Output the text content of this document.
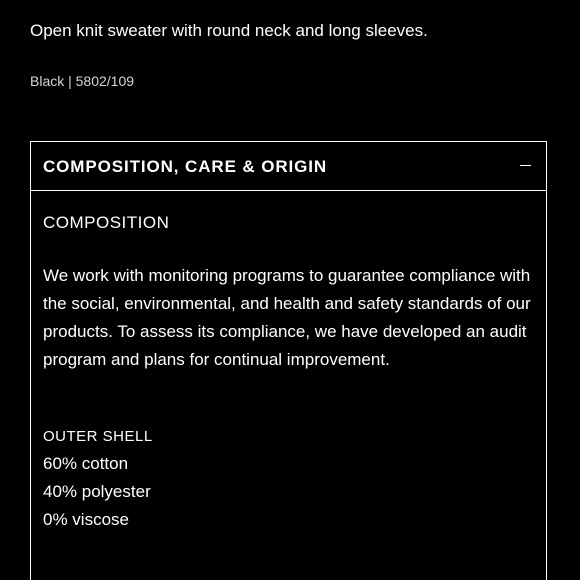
Open knit sweater with round neck and long sleeves.
Black | 5802/109
COMPOSITION, CARE & ORIGIN
COMPOSITION
We work with monitoring programs to guarantee compliance with the social, environmental, and health and safety standards of our products. To assess its compliance, we have developed an audit program and plans for continual improvement.
OUTER SHELL
60% cotton
40% polyester
0% viscose
